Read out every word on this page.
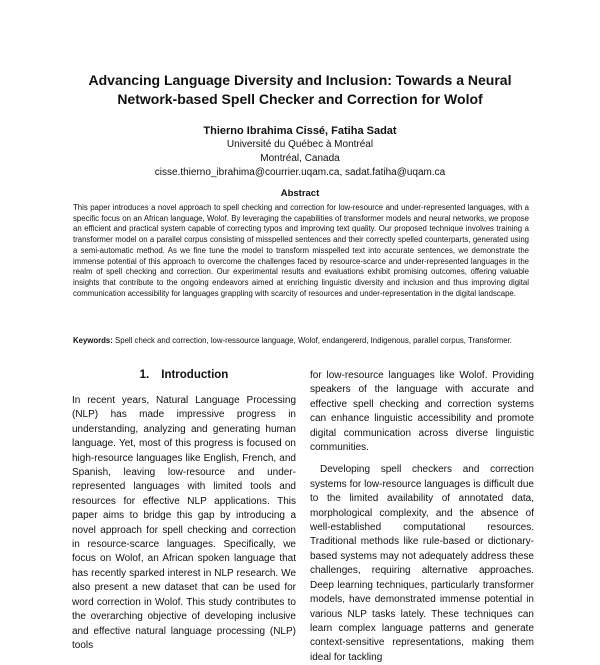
Advancing Language Diversity and Inclusion: Towards a Neural
Network-based Spell Checker and Correction for Wolof
Thierno Ibrahima Cissé, Fatiha Sadat
Université du Québec à Montréal
Montréal, Canada
cisse.thierno_ibrahima@courrier.uqam.ca, sadat.fatiha@uqam.ca
Abstract

This paper introduces a novel approach to spell checking and correction for low-resource and under-represented languages, with a specific focus on an African language, Wolof. By leveraging the capabilities of transformer models and neural networks, we propose an efficient and practical system capable of correcting typos and improving text quality. Our proposed technique involves training a transformer model on a parallel corpus consisting of misspelled sentences and their correctly spelled counterparts, generated using a semi-automatic method. As we fine tune the model to transform misspelled text into accurate sentences, we demonstrate the immense potential of this approach to overcome the challenges faced by resource-scarce and under-represented languages in the realm of spell checking and correction. Our experimental results and evaluations exhibit promising outcomes, offering valuable insights that contribute to the ongoing endeavors aimed at enriching linguistic diversity and inclusion and thus improving digital communication accessibility for languages grappling with scarcity of resources and under-representation in the digital landscape.

Keywords: Spell check and correction, low-ressource language, Wolof, endangererd, Indigenous, parallel corpus, Transformer.

1. Introduction

In recent years, Natural Language Processing (NLP) has made impressive progress in understanding, analyzing and generating human language. Yet, most of this progress is focused on high-resource languages like English, French, and Spanish, leaving low-resource and under-represented languages with limited tools and resources for effective NLP applications. This paper aims to bridge this gap by introducing a novel approach for spell checking and correction in resource-scarce languages. Specifically, we focus on Wolof, an African spoken language that has recently sparked interest in NLP research. We also present a new dataset that can be used for word correction in Wolof. This study contributes to the overarching objective of developing inclusive and effective natural language processing (NLP) tools

for low-resource languages like Wolof. Providing speakers of the language with accurate and effective spell checking and correction systems can enhance linguistic accessibility and promote digital communication across diverse linguistic communities.

Developing spell checkers and correction systems for low-resource languages is difficult due to the limited availability of annotated data, morphological complexity, and the absence of well-established computational resources. Traditional methods like rule-based or dictionary-based systems may not adequately address these challenges, requiring alternative approaches. Deep learning techniques, particularly transformer models, have demonstrated immense potential in various NLP tasks lately. These techniques can learn complex language patterns and generate context-sensitive representations, making them ideal for tackling
